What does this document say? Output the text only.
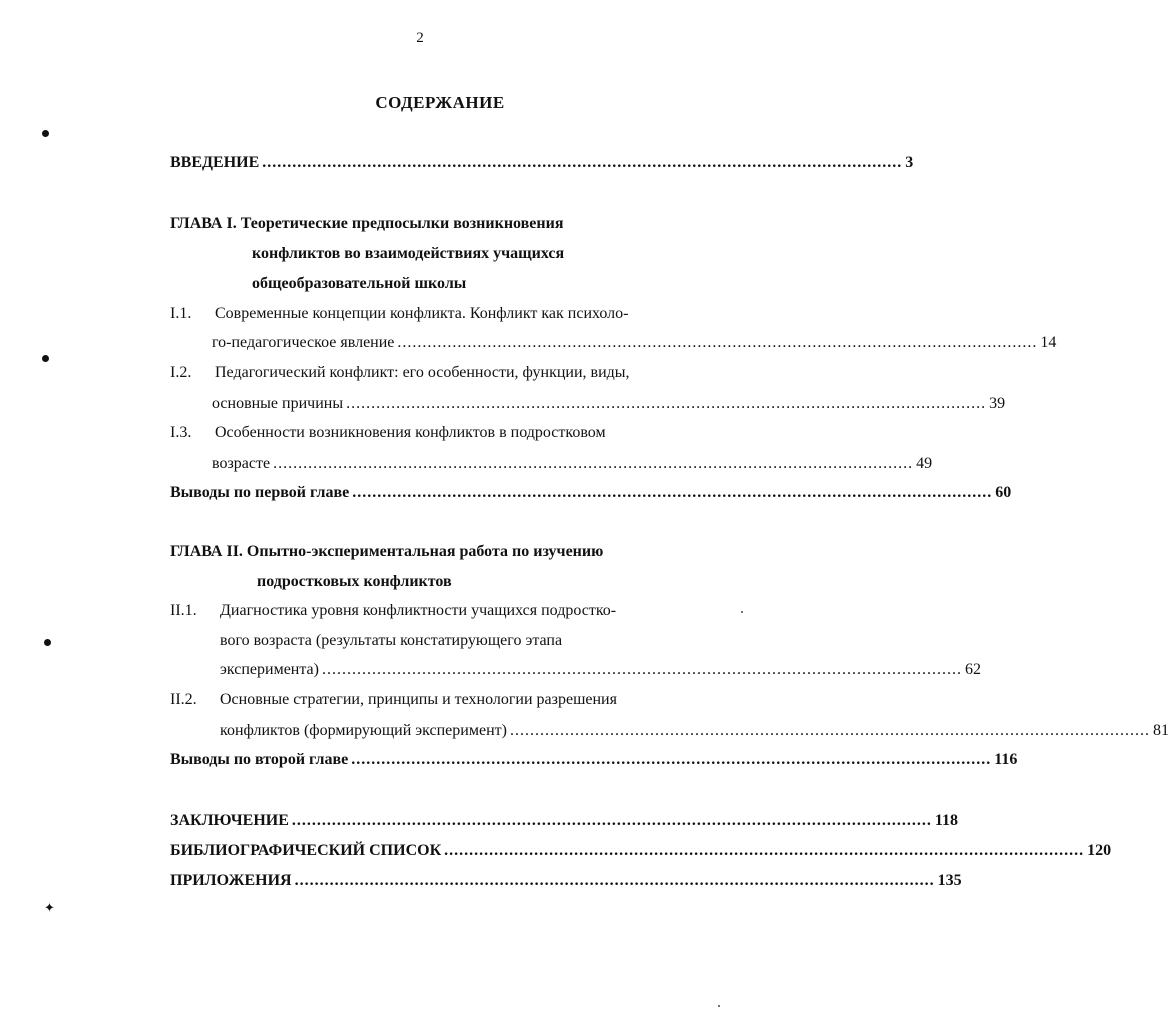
2
СОДЕРЖАНИЕ
✦
ВВЕДЕНИЕ ................................................................................................................................ 3
ГЛАВА I. Теоретические предпосылки возникновения
конфликтов во взаимодействиях учащихся
общеобразовательной школы
I.1. Современные концепции конфликта. Конфликт как психоло-
го-педагогическое явление ................................................................................................................................ 14
I.2. Педагогический конфликт: его особенности, функции, виды,
основные причины ................................................................................................................................ 39
I.3. Особенности возникновения конфликтов в подростковом
возрасте ................................................................................................................................ 49
Выводы по первой главе ................................................................................................................................ 60
ГЛАВА II. Опытно-экспериментальная работа по изучению
подростковых конфликтов
II.1. Диагностика уровня конфликтности учащихся подростко-
вого возраста (результаты констатирующего этапа
эксперимента) ................................................................................................................................ 62
II.2. Основные стратегии, принципы и технологии разрешения
конфликтов (формирующий эксперимент) ................................................................................................................................ 81
Выводы по второй главе ................................................................................................................................ 116
ЗАКЛЮЧЕНИЕ ................................................................................................................................ 118
БИБЛИОГРАФИЧЕСКИЙ СПИСОК ................................................................................................................................ 120
ПРИЛОЖЕНИЯ ................................................................................................................................ 135
